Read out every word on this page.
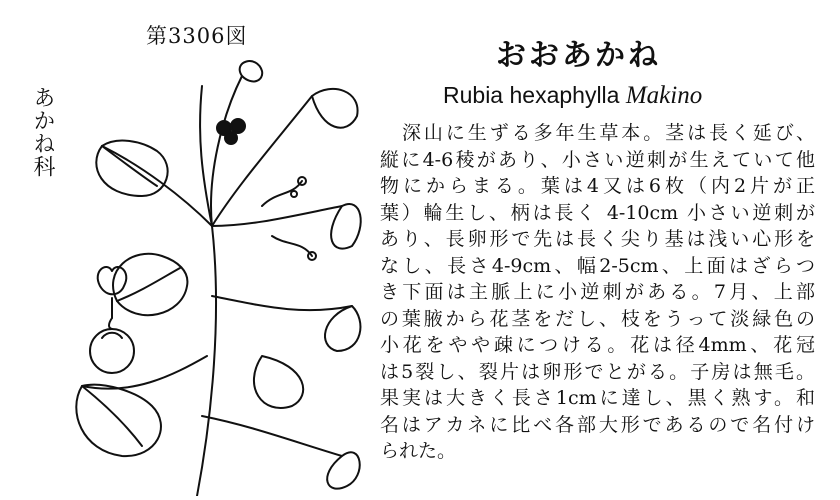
第3306図
あかね科
おおあかね
Rubia hexaphylla Makino
深山に生ずる多年生草本。茎は長く延び、
縦に4-6稜があり、小さい逆刺が生えていて他
物にからまる。葉は4又は6枚（内2片が正
葉）輪生し、柄は長く 4-10cm 小さい逆刺が
あり、長卵形で先は長く尖り基は浅い心形を
なし、長さ4-9cm、幅2-5cm、上面はざらつ
き下面は主脈上に小逆刺がある。7月、上部
の葉腋から花茎をだし、枝をうって淡緑色の
小花をやや疎につける。花は径4mm、花冠
は5裂し、裂片は卵形でとがる。子房は無毛。
果実は大きく長さ1cmに達し、黒く熟す。和
名はアカネに比べ各部大形であるので名付け
られた。
